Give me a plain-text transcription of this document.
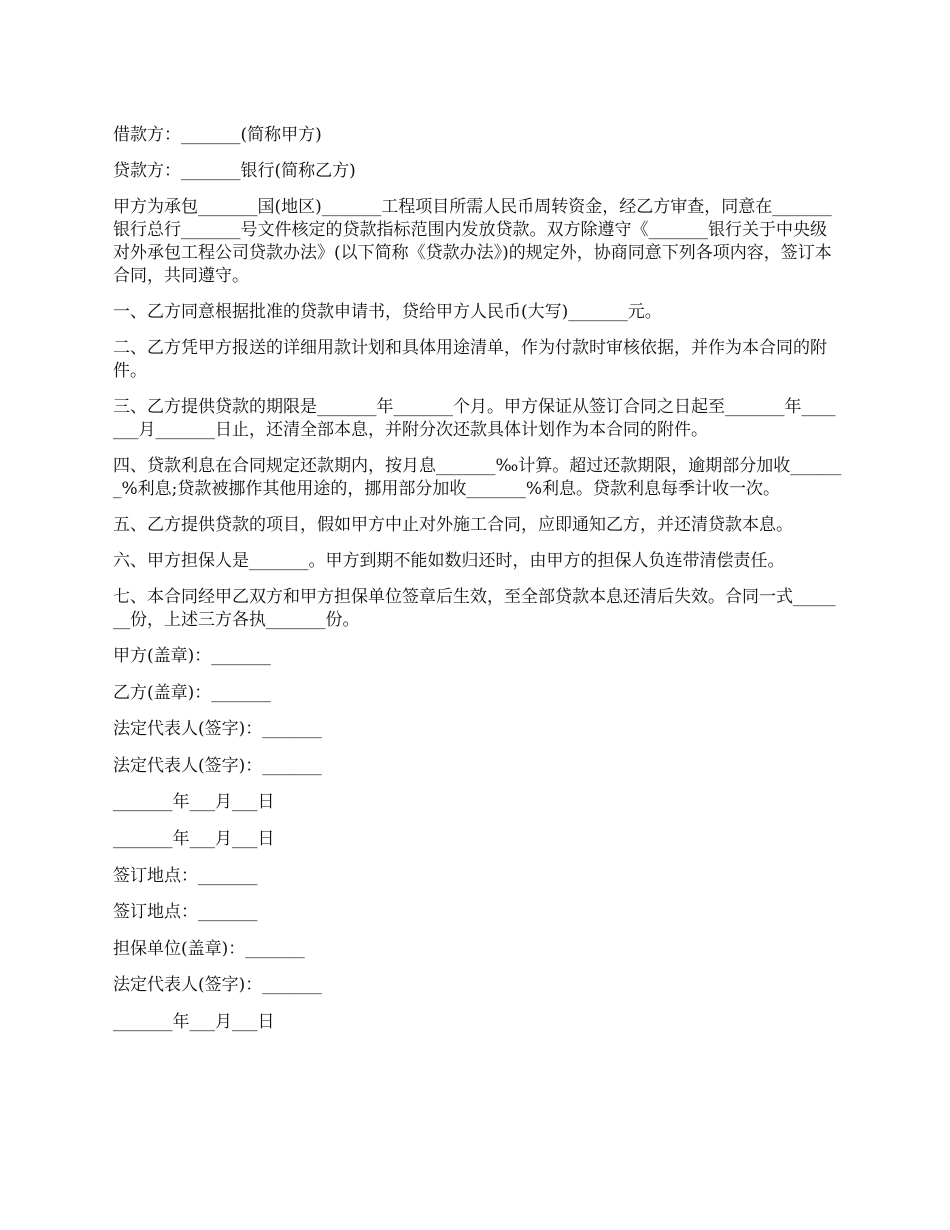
借款方：_______(简称甲方)

贷款方：_______银行(简称乙方)

甲方为承包_______国(地区)_______工程项目所需人民币周转资金，经乙方审查，同意在_______银行总行_______号文件核定的贷款指标范围内发放贷款。双方除遵守《_______银行关于中央级对外承包工程公司贷款办法》(以下简称《贷款办法》)的规定外，协商同意下列各项内容，签订本合同，共同遵守。

一、乙方同意根据批准的贷款申请书，贷给甲方人民币(大写)_______元。

二、乙方凭甲方报送的详细用款计划和具体用途清单，作为付款时审核依据，并作为本合同的附件。

三、乙方提供贷款的期限是_______年_______个月。甲方保证从签订合同之日起至_______年_______月_______日止，还清全部本息，并附分次还款具体计划作为本合同的附件。

四、贷款利息在合同规定还款期内，按月息_______‰计算。超过还款期限，逾期部分加收_______%利息;贷款被挪作其他用途的，挪用部分加收_______%利息。贷款利息每季计收一次。

五、乙方提供贷款的项目，假如甲方中止对外施工合同，应即通知乙方，并还清贷款本息。

六、甲方担保人是_______。甲方到期不能如数归还时，由甲方的担保人负连带清偿责任。

七、本合同经甲乙双方和甲方担保单位签章后生效，至全部贷款本息还清后失效。合同一式_______份，上述三方各执_______份。

甲方(盖章)：_______

乙方(盖章)：_______

法定代表人(签字)：_______

法定代表人(签字)：_______

_______年___月___日

_______年___月___日

签订地点：_______

签订地点：_______

担保单位(盖章)：_______

法定代表人(签字)：_______

_______年___月___日
